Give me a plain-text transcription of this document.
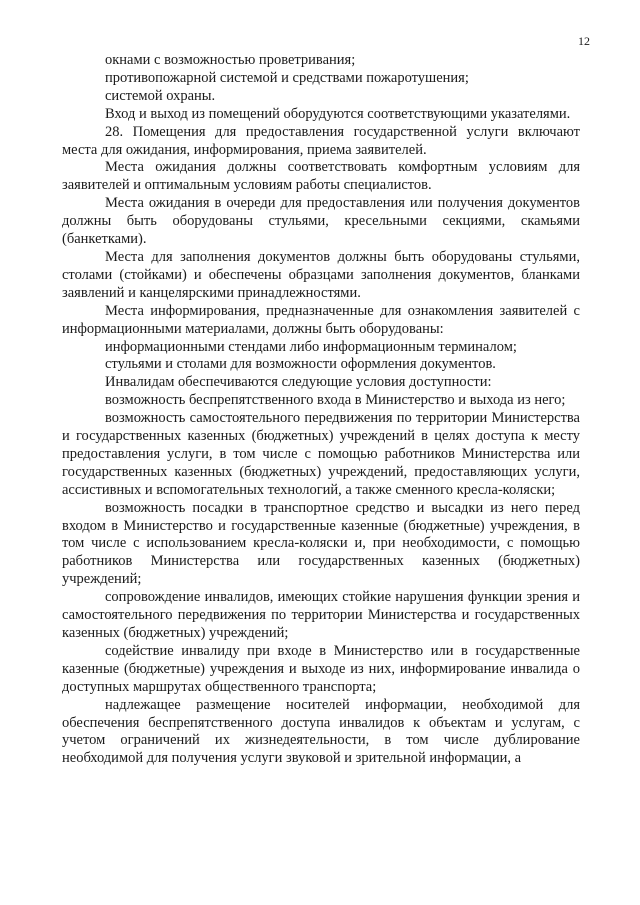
12

окнами с возможностью проветривания;

противопожарной системой и средствами пожаротушения;

системой охраны.

Вход и выход из помещений оборудуются соответствующими указателями.

28. Помещения для предоставления государственной услуги включают места для ожидания, информирования, приема заявителей.

Места ожидания должны соответствовать комфортным условиям для заявителей и оптимальным условиям работы специалистов.

Места ожидания в очереди для предоставления или получения документов должны быть оборудованы стульями, кресельными секциями, скамьями (банкетками).

Места для заполнения документов должны быть оборудованы стульями, столами (стойками) и обеспечены образцами заполнения документов, бланками заявлений и канцелярскими принадлежностями.

Места информирования, предназначенные для ознакомления заявителей с информационными материалами, должны быть оборудованы:

информационными стендами либо информационным терминалом;

стульями и столами для возможности оформления документов.

Инвалидам обеспечиваются следующие условия доступности:

возможность беспрепятственного входа в Министерство и выхода из него;

возможность самостоятельного передвижения по территории Министерства и государственных казенных (бюджетных) учреждений в целях доступа к месту предоставления услуги, в том числе с помощью работников Министерства или государственных казенных (бюджетных) учреждений, предоставляющих услуги, ассистивных и вспомогательных технологий, а также сменного кресла-коляски;

возможность посадки в транспортное средство и высадки из него перед входом в Министерство и государственные казенные (бюджетные) учреждения, в том числе с использованием кресла-коляски и, при необходимости, с помощью работников Министерства или государственных казенных (бюджетных) учреждений;

сопровождение инвалидов, имеющих стойкие нарушения функции зрения и самостоятельного передвижения по территории Министерства и государственных казенных (бюджетных) учреждений;

содействие инвалиду при входе в Министерство или в государственные казенные (бюджетные) учреждения и выходе из них, информирование инвалида о доступных маршрутах общественного транспорта;

надлежащее размещение носителей информации, необходимой для обеспечения беспрепятственного доступа инвалидов к объектам и услугам, с учетом ограничений их жизнедеятельности, в том числе дублирование необходимой для получения услуги звуковой и зрительной информации, а
